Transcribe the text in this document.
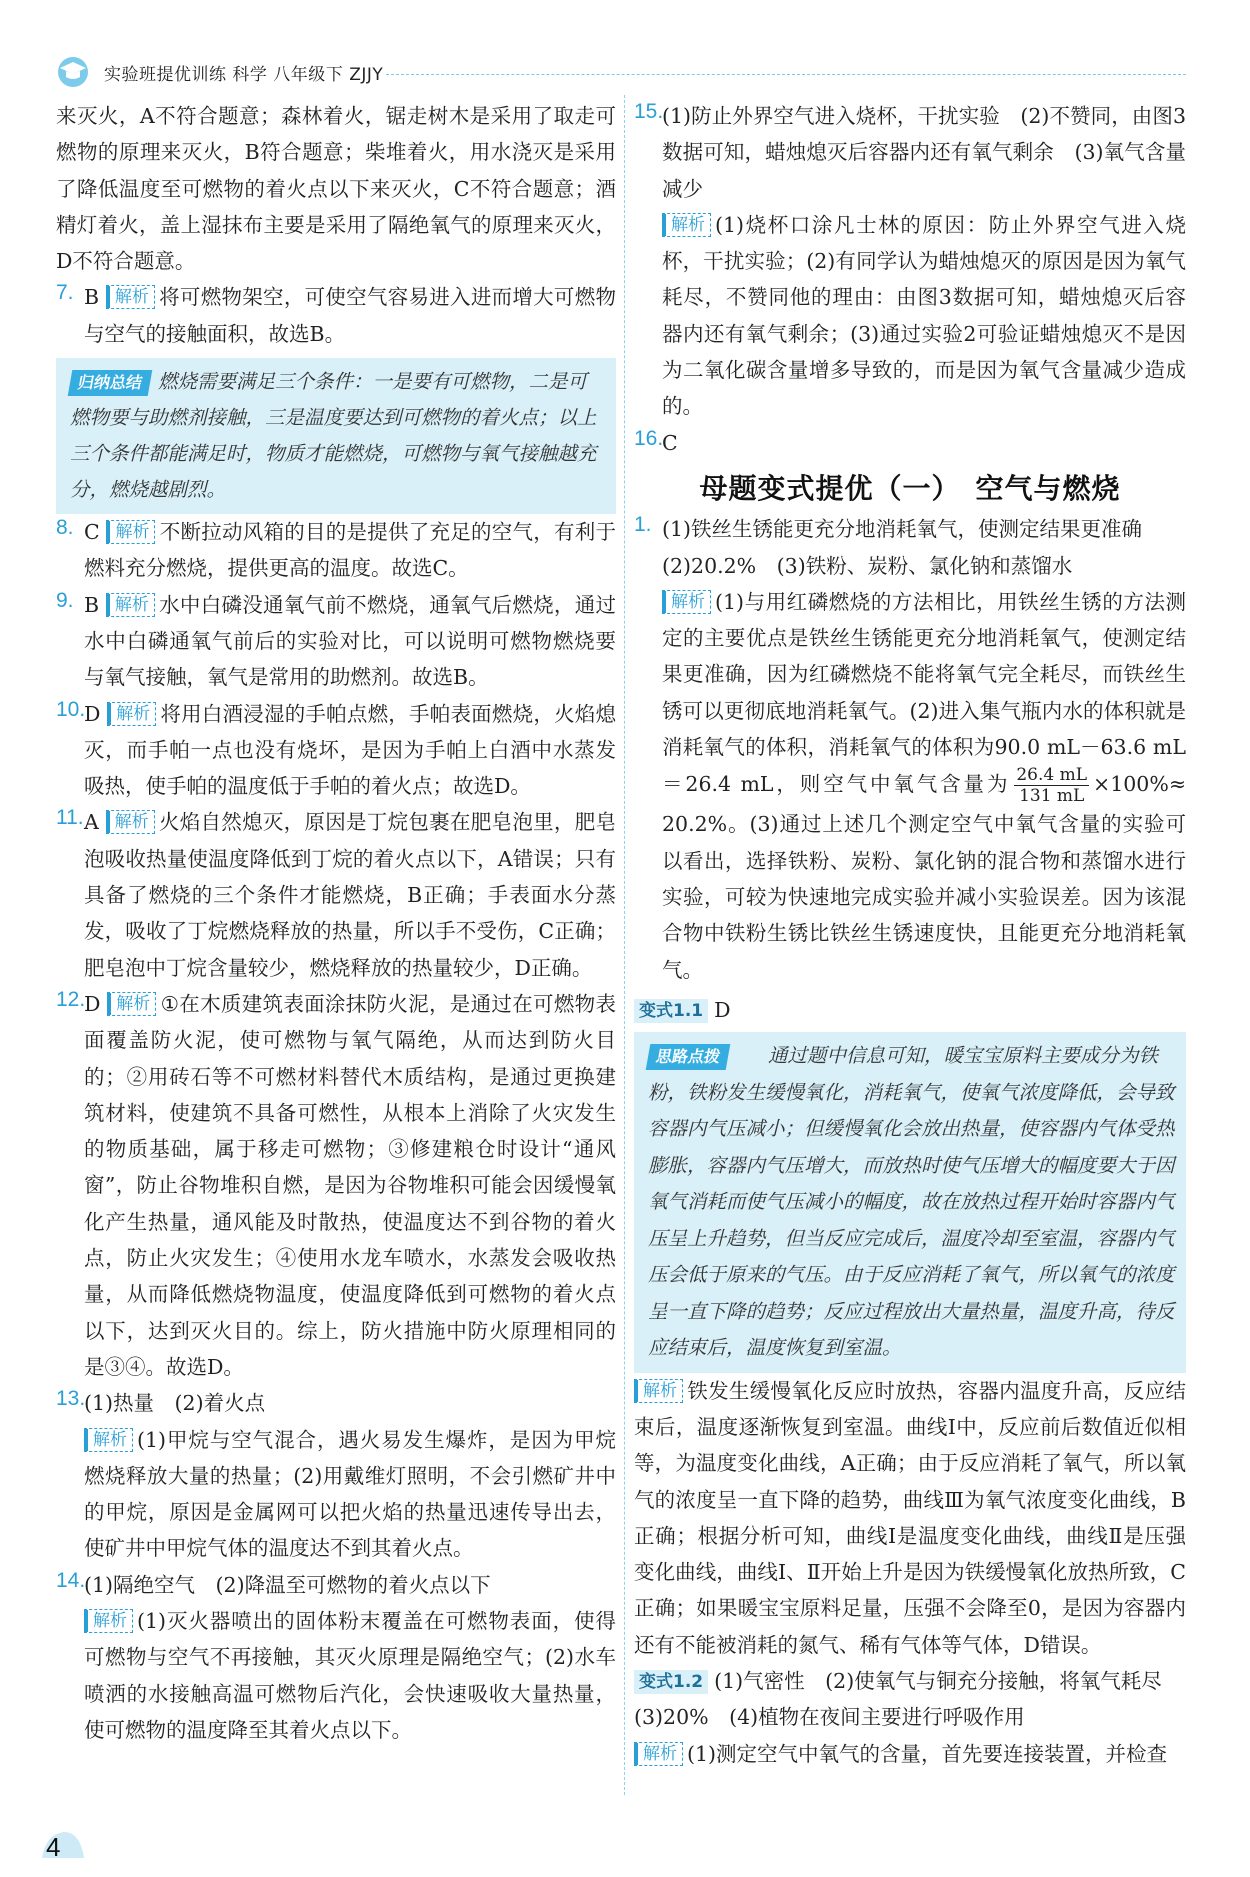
实验班提优训练 科学 八年级下 ZJJY
来灭火，A不符合题意；森林着火，锯走树木是采用了取走可燃物的原理来灭火，B符合题意；柴堆着火，用水浇灭是采用了降低温度至可燃物的着火点以下来灭火，C不符合题意；酒精灯着火，盖上湿抹布主要是采用了隔绝氧气的原理来灭火，D不符合题意。
7. B 解析 将可燃物架空，可使空气容易进入进而增大可燃物与空气的接触面积，故选B。
归纳总结 燃烧需要满足三个条件：一是要有可燃物，二是可燃物要与助燃剂接触，三是温度要达到可燃物的着火点；以上三个条件都能满足时，物质才能燃烧，可燃物与氧气接触越充分，燃烧越剧烈。
8. C 解析 不断拉动风箱的目的是提供了充足的空气，有利于燃料充分燃烧，提供更高的温度。故选C。
9. B 解析 水中白磷没通氧气前不燃烧，通氧气后燃烧，通过水中白磷通氧气前后的实验对比，可以说明可燃物燃烧要与氧气接触，氧气是常用的助燃剂。故选B。
10.
D 解析 将用白酒浸湿的手帕点燃，手帕表面燃烧，火焰熄灭，而手帕一点也没有烧坏，是因为手帕上白酒中水蒸发吸热，使手帕的温度低于手帕的着火点；故选D。
11. A 解析 火焰自然熄灭，原因是丁烷包裹在肥皂泡里，肥皂泡吸收热量使温度降低到丁烷的着火点以下，A错误；只有具备了燃烧的三个条件才能燃烧，B正确；手表面水分蒸发，吸收了丁烷燃烧释放的热量，所以手不受伤，C正确；肥皂泡中丁烷含量较少，燃烧释放的热量较少，D正确。
12.
D 解析 ①在木质建筑表面涂抹防火泥，是通过在可燃物表面覆盖防火泥，使可燃物与氧气隔绝，从而达到防火目的；②用砖石等不可燃材料替代木质结构，是通过更换建筑材料，使建筑不具备可燃性，从根本上消除了火灾发生的物质基础，属于移走可燃物；③修建粮仓时设计“通风窗”，防止谷物堆积自燃，是因为谷物堆积可能会因缓慢氧化产生热量，通风能及时散热，使温度达不到谷物的着火点，防止火灾发生；④使用水龙车喷水，水蒸发会吸收热量，从而降低燃烧物温度，使温度降低到可燃物的着火点以下，达到灭火目的。综上，防火措施中防火原理相同的是③④。故选D。
13.
(1)热量　(2)着火点
解析 (1)甲烷与空气混合，遇火易发生爆炸，是因为甲烷燃烧释放大量的热量；(2)用戴维灯照明，不会引燃矿井中的甲烷，原因是金属网可以把火焰的热量迅速传导出去，使矿井中甲烷气体的温度达不到其着火点。
14.
(1)隔绝空气　(2)降温至可燃物的着火点以下
解析 (1)灭火器喷出的固体粉末覆盖在可燃物表面，使得可燃物与空气不再接触，其灭火原理是隔绝空气；(2)水车喷洒的水接触高温可燃物后汽化，会快速吸收大量热量，使可燃物的温度降至其着火点以下。
15.
(1)防止外界空气进入烧杯，干扰实验　(2)不赞同，由图3数据可知，蜡烛熄灭后容器内还有氧气剩余　(3)氧气含量减少
解析 (1)烧杯口涂凡士林的原因：防止外界空气进入烧杯，干扰实验；(2)有同学认为蜡烛熄灭的原因是因为氧气耗尽，不赞同他的理由：由图3数据可知，蜡烛熄灭后容器内还有氧气剩余；(3)通过实验2可验证蜡烛熄灭不是因为二氧化碳含量增多导致的，而是因为氧气含量减少造成的。
16.
C
母题变式提优（一）　空气与燃烧
1. (1)铁丝生锈能更充分地消耗氧气，使测定结果更准确
(2)20.2%　(3)铁粉、炭粉、氯化钠和蒸馏水
解析 (1)与用红磷燃烧的方法相比，用铁丝生锈的方法测定的主要优点是铁丝生锈能更充分地消耗氧气，使测定结果更准确，因为红磷燃烧不能将氧气完全耗尽，而铁丝生锈可以更彻底地消耗氧气。(2)进入集气瓶内水的体积就是消耗氧气的体积，消耗氧气的体积为90.0 mL－63.6 mL ＝26.4 mL，则空气中氧气含量为 $\frac{26.4 mL}{131 mL} \times 100\%\approx 20.2\%$。(3)通过上述几个测定空气中氧气含量的实验可以看出，选择铁粉、炭粉、氯化钠的混合物和蒸馏水进行实验，可较为快速地完成实验并减小实验误差。因为该混合物中铁粉生锈比铁丝生锈速度快，且能更充分地消耗氧气。
变式1.1 D
思路点拨 通过题中信息可知，暖宝宝原料主要成分为铁粉，铁粉发生缓慢氧化，消耗氧气，使氧气浓度降低，会导致容器内气压减小；但缓慢氧化会放出热量，使容器内气体受热膨胀，容器内气压增大，而放热时使气压增大的幅度要大于因氧气消耗而使气压减小的幅度，故在放热过程开始时容器内气压呈上升趋势，但当反应完成后，温度冷却至室温，容器内气压会低于原来的气压。由于反应消耗了氧气，所以氧气的浓度呈一直下降的趋势；反应过程放出大量热量，温度升高，待反应结束后，温度恢复到室温。
解析 铁发生缓慢氧化反应时放热，容器内温度升高，反应结束后，温度逐渐恢复到室温。曲线Ⅰ中，反应前后数值近似相等，为温度变化曲线，A正确；由于反应消耗了氧气，所以氧气的浓度呈一直下降的趋势，曲线Ⅲ为氧气浓度变化曲线，B正确；根据分析可知，曲线Ⅰ是温度变化曲线，曲线Ⅱ是压强变化曲线，曲线Ⅰ、Ⅱ开始上升是因为铁缓慢氧化放热所致，C正确；如果暖宝宝原料足量，压强不会降至0，是因为容器内还有不能被消耗的氮气、稀有气体等气体，D错误。
变式1.2 (1)气密性　(2)使氧气与铜充分接触，将氧气耗尽
(3)20%　(4)植物在夜间主要进行呼吸作用
解析 (1)测定空气中氧气的含量，首先要连接装置，并检查
4
